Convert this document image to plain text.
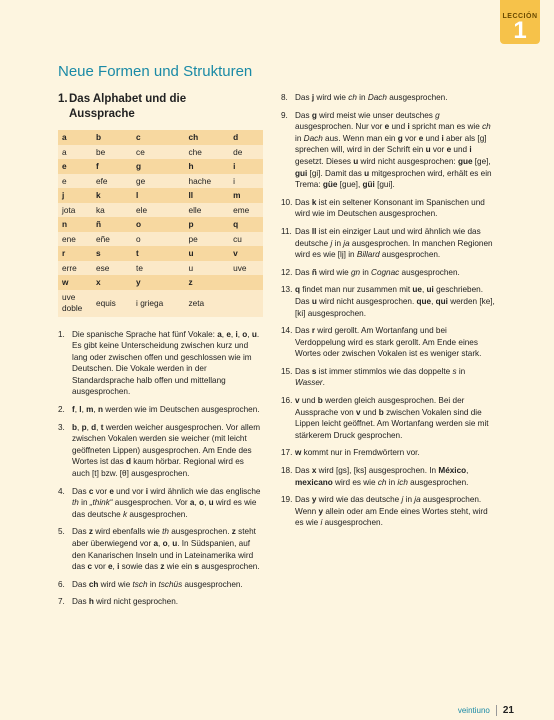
LECCIÓN
1
Neue Formen und Strukturen
1.Das Alphabet und die
Aussprache
a	b	c	ch	d
a	be	ce	che	de
e	f	g	h	i
e	efe	ge	hache	i
j	k	l	ll	m
jota	ka	ele	elle	eme
n	ñ	o	p	q
ene	eñe	o	pe	cu
r	s	t	u	v
erre	ese	te	u	uve
w	x	y	z	
uve doble	equis	i griega	zeta	
1. Die spanische Sprache hat fünf Vokale: a, e, i, o, u. Es gibt keine Unterscheidung zwischen kurz und lang oder zwischen offen und geschlossen wie im Deutschen. Die Vokale werden in der Standardsprache halb offen und mittellang ausgesprochen.
2. f, l, m, n werden wie im Deutschen ausgesprochen.
3. b, p, d, t werden weicher ausgesprochen. Vor allem zwischen Vokalen werden sie weicher (mit leicht geöffneten Lippen) ausgesprochen. Am Ende des Wortes ist das d kaum hörbar. Regional wird es auch [t] bzw. [θ] ausgesprochen.
4. Das c vor e und vor i wird ähnlich wie das englische th in „think“ ausgesprochen. Vor a, o, u wird es wie das deutsche k ausgesprochen.
5. Das z wird ebenfalls wie th ausgesprochen. z steht aber überwiegend vor a, o, u. In Südspanien, auf den Kanarischen Inseln und in Lateinamerika wird das c vor e, i sowie das z wie ein s ausgesprochen.
6. Das ch wird wie tsch in tschüs ausgesprochen.
7. Das h wird nicht gesprochen.
8. Das j wird wie ch in Dach ausgesprochen.
9. Das g wird meist wie unser deutsches g ausgesprochen. Nur vor e und i spricht man es wie ch in Dach aus. Wenn man ein g vor e und i aber als [g] sprechen will, wird in der Schrift ein u vor e und i gesetzt. Dieses u wird nicht ausgesprochen: gue [ge], gui [gi]. Damit das u mitgesprochen wird, erhält es ein Trema: güe [gue], güi [gui].
10. Das k ist ein seltener Konsonant im Spanischen und wird wie im Deutschen ausgesprochen.
11. Das ll ist ein einziger Laut und wird ähnlich wie das deutsche j in ja ausgesprochen. In manchen Regionen wird es wie [lj] in Billard ausgesprochen.
12. Das ñ wird wie gn in Cognac ausgesprochen.
13. q findet man nur zusammen mit ue, ui geschrieben. Das u wird nicht ausgesprochen. que, qui werden [ke], [ki] ausgesprochen.
14. Das r wird gerollt. Am Wortanfang und bei Verdoppelung wird es stark gerollt. Am Ende eines Wortes oder zwischen Vokalen ist es weniger stark.
15. Das s ist immer stimmlos wie das doppelte s in Wasser.
16. v und b werden gleich ausgesprochen. Bei der Aussprache von v und b zwischen Vokalen sind die Lippen leicht geöffnet. Am Wortanfang werden sie mit stärkerem Druck gesprochen.
17. w kommt nur in Fremdwörtern vor.
18. Das x wird [gs], [ks] ausgesprochen. In México, mexicano wird es wie ch in ich ausgesprochen.
19. Das y wird wie das deutsche j in ja ausgesprochen. Wenn y allein oder am Ende eines Wortes steht, wird es wie i ausgesprochen.
veintiuno 21
